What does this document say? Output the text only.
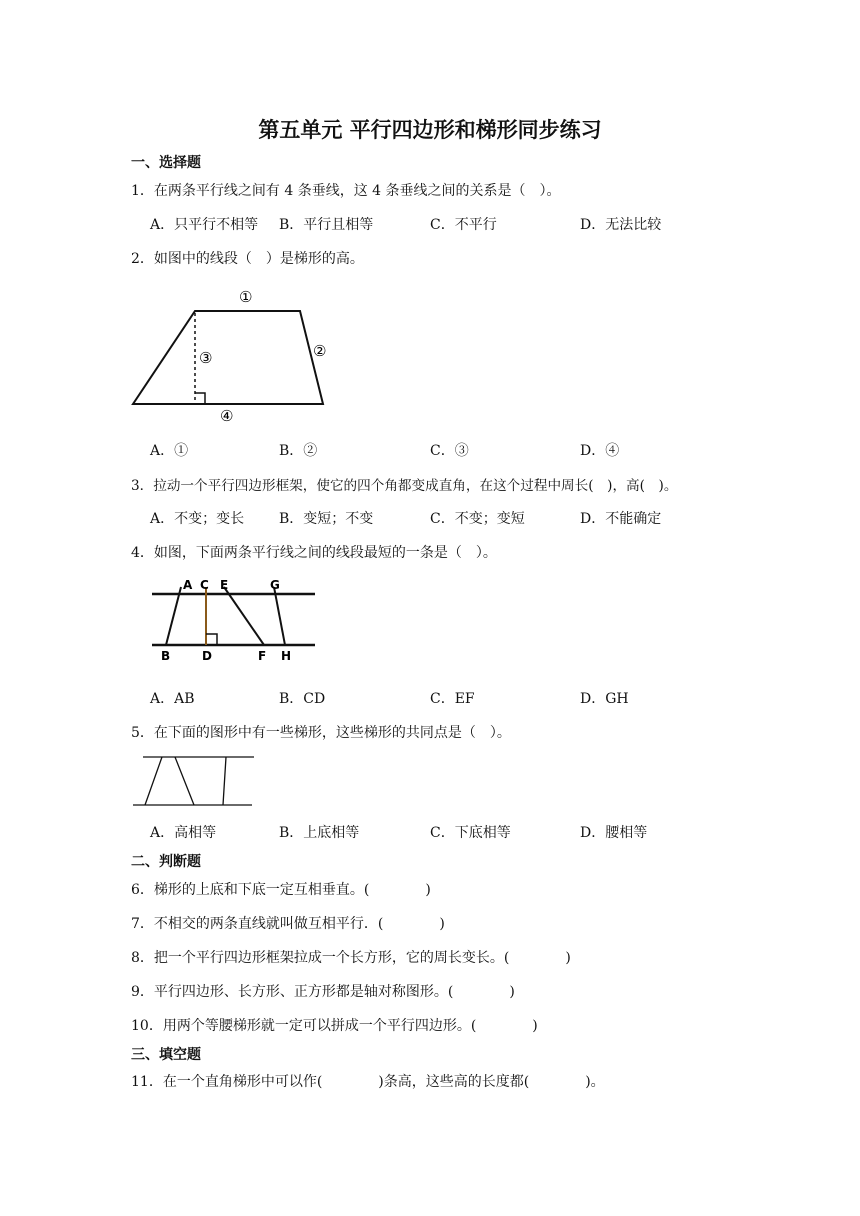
第五单元 平行四边形和梯形同步练习
一、选择题
1．在两条平行线之间有 4 条垂线，这 4 条垂线之间的关系是（　）。
A．只平行不相等 B．平行且相等	C．不平行	D．无法比较
2．如图中的线段（　）是梯形的高。
①
②
③
④
A．①	B．②	C．③	D．④
3．拉动一个平行四边形框架，使它的四个角都变成直角，在这个过程中周长(　)，高(　)。
A．不变；变长 B．变短；不变	C．不变；变短	D．不能确定
4．如图，下面两条平行线之间的线段最短的一条是（　）。
A C E	G
B	D	F H
A．AB	B．CD	C．EF	D．GH
5．在下面的图形中有一些梯形，这些梯形的共同点是（　）。
A．高相等	B．上底相等	C．下底相等	D．腰相等
二、判断题
6．梯形的上底和下底一定互相垂直。(　　　　)
7．不相交的两条直线就叫做互相平行．(　　　　)
8．把一个平行四边形框架拉成一个长方形，它的周长变长。(　　　　)
9．平行四边形、长方形、正方形都是轴对称图形。(　　　　)
10．用两个等腰梯形就一定可以拼成一个平行四边形。(　　　　)
三、填空题
11．在一个直角梯形中可以作(　　　　)条高，这些高的长度都(　　　　)。
